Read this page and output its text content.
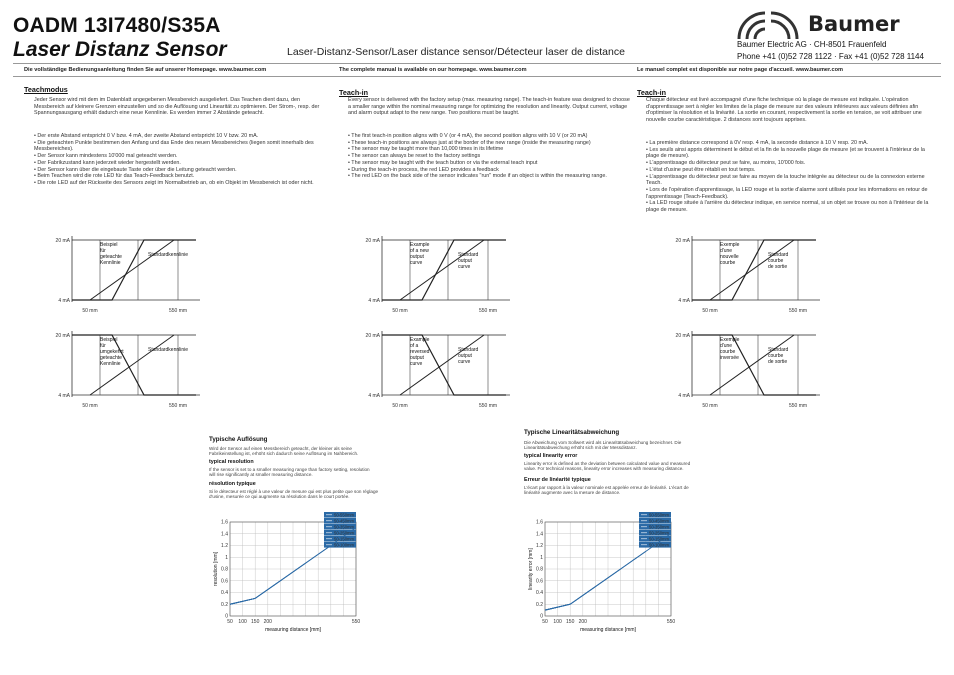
OADM 13I7480/S35A
Laser Distanz Sensor	Laser-Distanz-Sensor/Laser distance sensor/Détecteur laser de distance
Baumer
Baumer Electric AG · CH-8501 Frauenfeld
Phone +41 (0)52 728 1122 · Fax +41 (0)52 728 1144
Die vollständige Bedienungsanleitung finden Sie auf unserer Homepage. www.baumer.com	The complete manual is available on our homepage. www.baumer.com	Le manuel complet est disponible sur notre page d'accueil. www.baumer.com
Teachmodus
Jeder Sensor wird mit dem im Datenblatt angegebenen Messbereich ausgeliefert. Das Teachen dient dazu, den Messbereich auf kleinere Grenzen einzustellen und so die Auflösung und Linearität zu optimieren. Der Strom-, resp. der Spannungsausgang erhält dadurch eine neue Kennlinie. Es werden immer 2 Abstände geteacht.
• Der erste Abstand entspricht 0 V bzw. 4 mA, der zweite Abstand entspricht 10 V bzw. 20 mA.
• Die geteachten Punkte bestimmen den Anfang und das Ende des neuen Messbereiches (liegen somit innerhalb des Messbereiches).
• Der Sensor kann mindestens 10'000 mal geteacht werden.
• Der Fabrikzustand kann jederzeit wieder hergestellt werden.
• Der Sensor kann über die eingebaute Taste oder über die Leitung geteacht werden.
• Beim Teachen wird die rote LED für das Teach-Feedback benutzt.
• Die rote LED auf der Rückseite des Sensors zeigt im Normalbetrieb an, ob ein Objekt im Messbereich ist oder nicht.
Teach-in
Every sensor is delivered with the factory setup (max. measuring range). The teach-in feature was designed to choose a smaller range within the nominal measuring range for optimizing the resolution and linearity. Output current, voltage and alarm output adapt to the new range. Two positions must be taught.
• The first teach-in position aligns with 0 V (or 4 mA), the second position aligns with 10 V (or 20 mA)
• These teach-in positions are always just at the border of the new range (inside the measuring range)
• The sensor may be taught more than 10,000 times in its lifetime
• The sensor can always be reset to the factory settings
• The sensor may be taught with the teach button or via the external teach input
• During the teach-in process, the red LED provides a feedback
• The red LED on the back side of the sensor indicates "run" mode if an object is within the measuring range.
Teach-in
Chaque détecteur est livré accompagné d'une fiche technique où la plage de mesure est indiquée. L'opération d'apprentissage sert à régler les limites de la plage de mesure sur des valeurs inférieures aux valeurs définies afin d'optimiser la résolution et la linéarité. La sortie en courant, respectivement la sortie en tension, se voit attribuer une nouvelle courbe caractéristique. 2 distances sont toujours apprises.
• La première distance correspond à 0V resp. 4 mA, la seconde distance à 10 V resp. 20 mA.
• Les seuils ainsi appris déterminent le début et la fin de la nouvelle plage de mesure (et se trouvent à l'intérieur de la plage de mesure).
• L'apprentissage du détecteur peut se faire, au moins, 10'000 fois.
• L'état d'usine peut être rétabli en tout temps.
• L'apprentissage du détecteur peut se faire au moyen de la touche intégrée au détecteur ou de la connexion externe Teach.
• Lors de l'opération d'apprentissage, la LED rouge et la sortie d'alarme sont utilisés pour les informations en retour de l'apprentissage (Teach-Feedback).
• La LED rouge située à l'arrière du détecteur indique, en service normal, si un objet se trouve ou non à l'intérieur de la plage de mesure.
20 mA
4 mA
50 mm	550 mm
Beispiel
für
geteachte
Kennlinie
Standardkennlinie
20 mA
4 mA
50 mm	550 mm
Beispiel
für
umgekehrt
geteachte
Kennlinie
Standardkennlinie
20 mA
4 mA
50 mm	550 mm
Example
of a new
output
curve
Standard
output
curve
20 mA
4 mA
50 mm	550 mm
Example
of a
reversed
output
curve
Standard
output
curve
20 mA
4 mA
50 mm	550 mm
Exemple
d'une
nouvelle
courbe
Standard
courbe
de sortie
20 mA
4 mA
50 mm	550 mm
Exemple
d'une
courbe
inversée
Standard
courbe
de sortie
Typische Auflösung
Wird der Sensor auf einen Messbereich geteacht, der kleiner als seine Fabrikeinstellung ist, erhöht sich dadurch seine Auflösung im Nahbereich.
typical resolution
If the sensor is set to a smaller measuring range than factory setting, resolution will rise significantly at smaller measuring distance.
résolution typique
Si le détecteur est réglé à une valeur de mesure qui est plus petite que son réglage d'usine, mesurée ce qui augmente sa résolution dans le court portée.
Typische Linearitätsabweichung
Die Abweichung vom Sollwert wird als Linearitätsabweichung bezeichnet. Die Linearitätsabweichung erhöht sich mit der Messdistanz.
typical linearity error
Linearity error is defined as the deviation between calculated value and measured value. For technical reasons, linearity error increases with measuring distance.
Erreur de linéarité typique
L'écart par rapport à la valeur nominale est appelée erreur de linéarité. L'écart de linéarité augmente avec la mesure de distance.
1.6
1.4
1.2
1
0.8
0.6
0.4
0.2
0
50 100 150 200	550
resolution [mm]
measuring distance [mm]
50-550mm
50-450mm
50-350mm
50-250mm
50-150mm
50-100mm
1.6
1.4
1.2
1
0.8
0.6
0.4
0.2
0
50 100 150 200	550
linearity error [mm]
measuring distance [mm]
50-550mm
50-450mm
50-350mm
50-250mm
50-150mm
50-100mm
